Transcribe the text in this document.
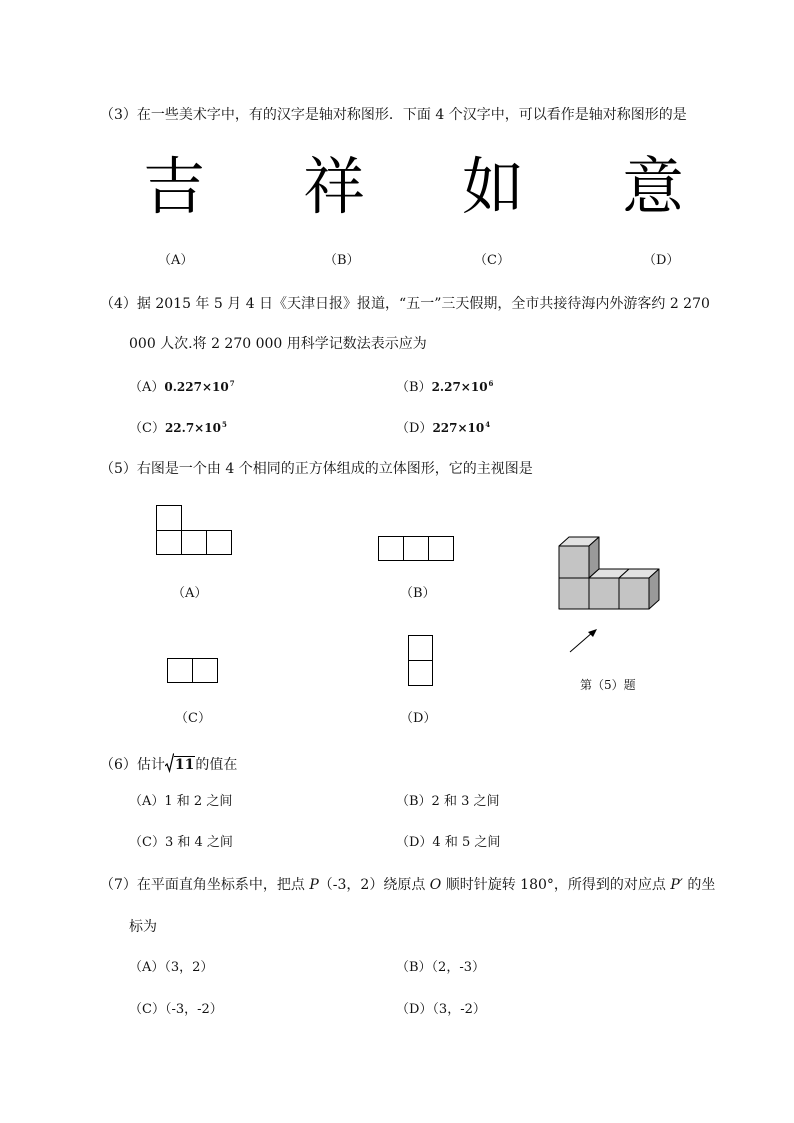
（3）在一些美术字中，有的汉字是轴对称图形．下面 4 个汉字中，可以看作是轴对称图形的是
吉 祥 如 意
（A）	（B）	（C）	（D）
（4）据 2015 年 5 月 4 日《天津日报》报道，“五一”三天假期，全市共接待海内外游客约 2 270
000 人次.将 2 270 000 用科学记数法表示应为
$(A)0.227\times 10^7$	$(B)2.27\times 10^6$
$(C)22.7\times 10^5$	$(D)227\times 10^4$
（5）右图是一个由 4 个相同的正方体组成的立体图形，它的主视图是
（A）	（B）
（C）	（D）
第（5）题
（6）估计 11的值在
（A）1 和 2 之间	（B）2 和 3 之间
（C）3 和 4 之间	（D）4 和 5 之间
（7）在平面直角坐标系中，把点 P（-3，2）绕原点 O 顺时针旋转 180°，所得到的对应点 P′ 的坐
标为
（A）（3，2）	（B）（2，-3）
（C）（-3，-2）	（D）（3，-2）
